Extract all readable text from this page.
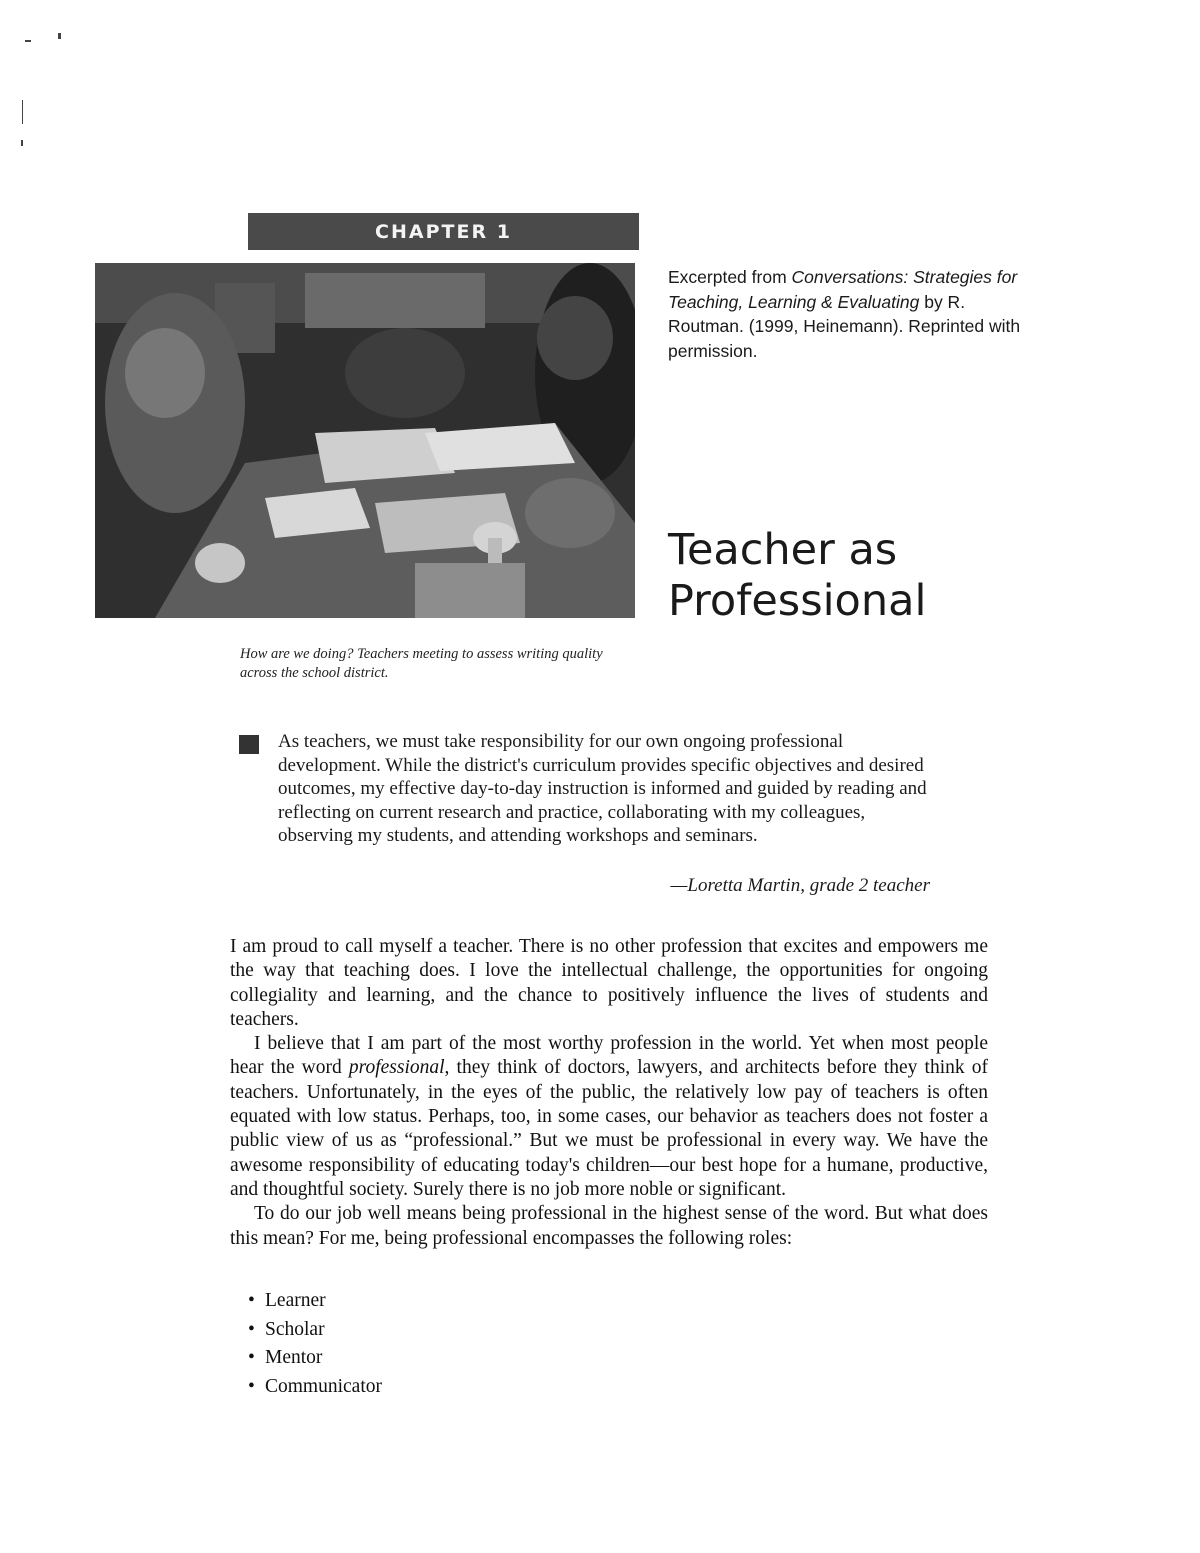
CHAPTER 1
How are we doing? Teachers meeting to assess writing quality across the school district.
Excerpted from Conversations: Strategies for Teaching, Learning & Evaluating by R. Routman. (1999, Heinemann). Reprinted with permission.
Teacher as
Professional
As teachers, we must take responsibility for our own ongoing professional development. While the district's curriculum provides specific objectives and desired outcomes, my effective day-to-day instruction is informed and guided by reading and reflecting on current research and practice, collaborating with my colleagues, observing my students, and attending workshops and seminars.
—Loretta Martin, grade 2 teacher

I am proud to call myself a teacher. There is no other profession that excites and empowers me the way that teaching does. I love the intellectual challenge, the opportunities for ongoing collegiality and learning, and the chance to positively influence the lives of students and teachers.

I believe that I am part of the most worthy profession in the world. Yet when most people hear the word professional, they think of doctors, lawyers, and architects before they think of teachers. Unfortunately, in the eyes of the public, the relatively low pay of teachers is often equated with low status. Perhaps, too, in some cases, our behavior as teachers does not foster a public view of us as “professional.” But we must be professional in every way. We have the awesome responsibility of educating today's children—our best hope for a humane, productive, and thoughtful society. Surely there is no job more noble or significant.

To do our job well means being professional in the highest sense of the word. But what does this mean? For me, being professional encompasses the following roles:

• Learner
• Scholar
• Mentor
• Communicator
